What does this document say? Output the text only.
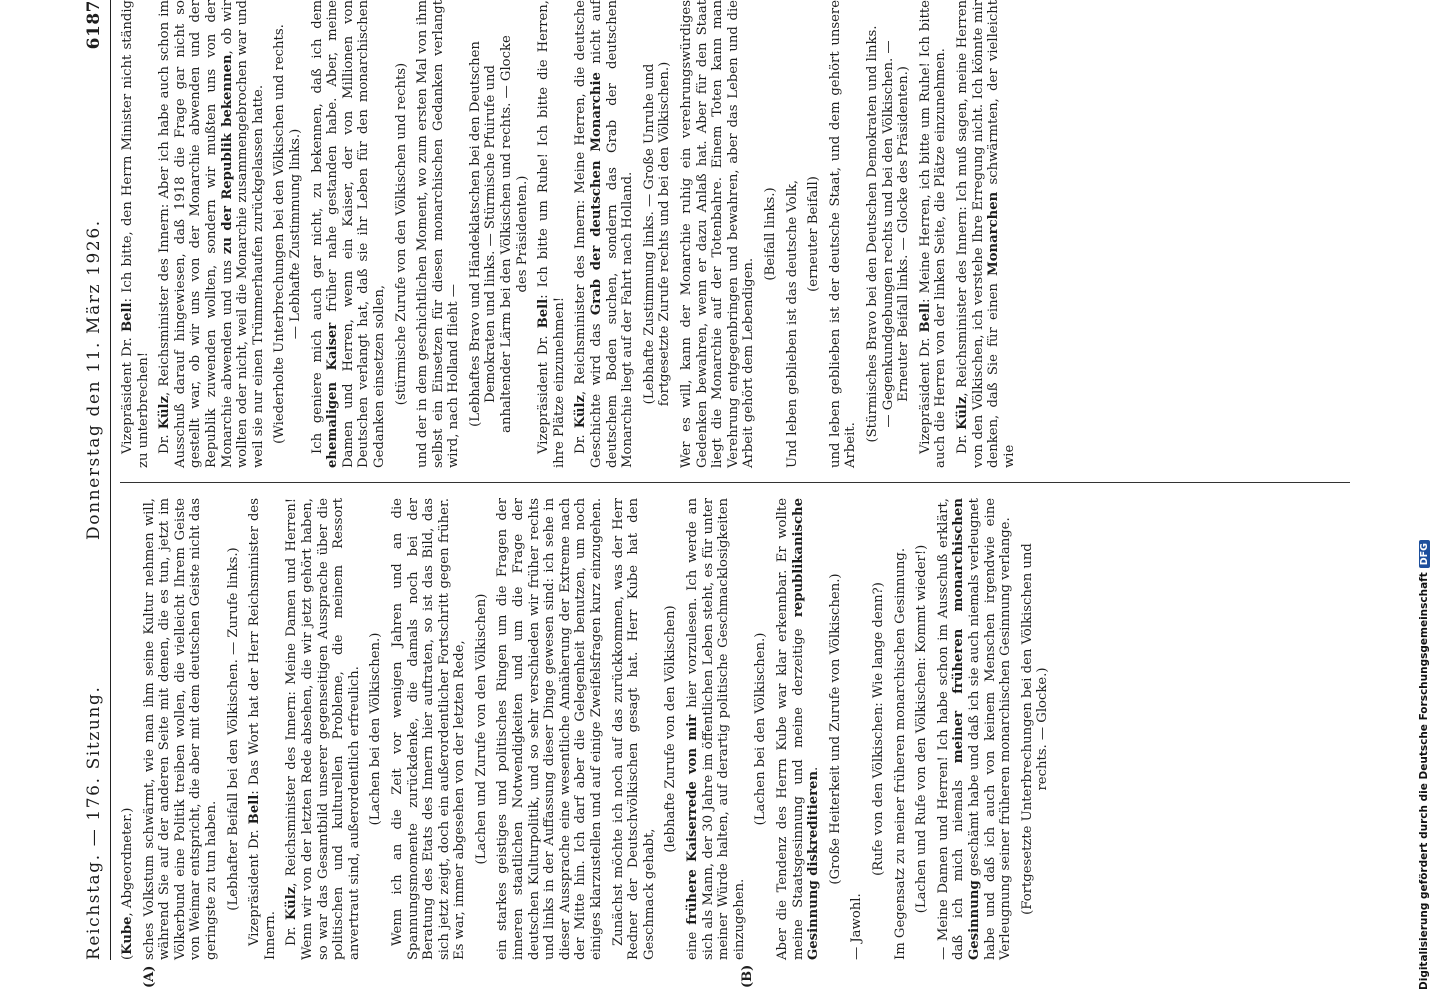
Reichstag. — 176. Sitzung.
Donnerstag den 11. März 1926.
6187

(Kube, Abgeordneter.) sches Volkstum schwärmt, wie man ihm seine Kultur nehmen will, während Sie auf der anderen Seite mit denen, die es tun, jetzt im Völkerbund eine Politik treiben wollen, die vielleicht Ihrem Geiste von Weimar entspricht, die aber mit dem deutschen Geiste nicht das geringste zu tun haben. (Lebhafter Beifall bei den Völkischen. — Zurufe links.) Vizepräsident Dr. Bell: Das Wort hat der Herr Reichsminister des Innern. Dr. Külz, Reichsminister des Innern: Meine Damen und Herren! Wenn wir von der letzten Rede absehen, die wir jetzt gehört haben, so war das Gesamtbild unserer gegenseitigen Aussprache über die politischen und kulturellen Probleme, die meinem Ressort anvertraut sind, außerordentlich erfreulich. (Lachen bei den Völkischen.) Wenn ich an die Zeit vor wenigen Jahren und an die Spannungsmomente zurückdenke, die damals noch bei der Beratung des Etats des Innern hier auftraten, so ist das Bild, das sich jetzt zeigt, doch ein außerordentlicher Fortschritt gegen früher. Es war, immer abgesehen von der letzten Rede, (Lachen und Zurufe von den Völkischen) ein starkes geistiges und politisches Ringen um die Fragen der inneren staatlichen Notwendigkeiten und um die Frage der deutschen Kulturpolitik, und so sehr verschieden wir früher rechts und links in der Auffassung dieser Dinge gewesen sind: ich sehe in dieser Aussprache eine wesentliche Annäherung der Extreme nach der Mitte hin. Ich darf aber die Gelegenheit benutzen, um noch einiges klarzustellen und auf einige Zweifelsfragen kurz einzugehen. Zunächst möchte ich noch auf das zurückkommen, was der Herr Redner der Deutschvölkischen gesagt hat. Herr Kube hat den Geschmack gehabt,

(lebhafte Zurufe von den Völkischen)

eine frühere Kaiserrede von mir hier vorzulesen. Ich werde an sich als Mann, der 30 Jahre im öffentlichen Leben steht, es für unter meiner Würde halten, auf derartig politische Geschmacklosigkeiten einzugehen.

(Lachen bei den Völkischen.) Aber die Tendenz des Herrn Kube war klar erkennbar. Er wollte meine Staatsgesinnung und meine derzeitige republikanische Gesinnung diskreditieren. (Große Heiterkeit und Zurufe von Völkischen.)

— Jawohl.

(Rufe von den Völkischen: Wie lange denn?) Im Gegensatz zu meiner früheren monarchischen Gesinnung. (Lachen und Rufe von den Völkischen: Kommt wieder!) — Meine Damen und Herren! Ich habe schon im Ausschuß erklärt, daß ich mich niemals meiner früheren monarchischen Gesinnung geschämt habe und daß ich sie auch niemals verleugnet habe und daß ich auch von keinem Menschen irgendwie eine Verleugnung seiner früheren monarchischen Gesinnung verlange. (Fortgesetzte Unterbrechungen bei den Völkischen und rechts. — Glocke.)

Vizepräsident Dr. Bell: Ich bitte, den Herrn Minister nicht ständig zu unterbrechen! Dr. Külz, Reichsminister des Innern: Aber ich habe auch schon im Ausschuß darauf hingewiesen, daß 1918 die Frage gar nicht so gestellt war, ob wir uns von der Monarchie abwenden und der Republik zuwenden wollten, sondern wir mußten uns von der Monarchie abwenden und uns zu der Republik bekennen, ob wir wollten oder nicht, weil die Monarchie zusammengebrochen war und weil sie nur einen Trümmerhaufen zurückgelassen hatte. (Wiederholte Unterbrechungen bei den Völkischen und rechts. — Lebhafte Zustimmung links.) Ich geniere mich auch gar nicht, zu bekennen, daß ich dem ehemaligen Kaiser früher nahe gestanden habe. Aber, meine Damen und Herren, wenn ein Kaiser, der von Millionen von Deutschen verlangt hat, daß sie ihr Leben für den monarchischen Gedanken einsetzen sollen, (stürmische Zurufe von den Völkischen und rechts) und der in dem geschichtlichen Moment, wo zum ersten Mal von ihm selbst ein Einsetzen für diesen monarchischen Gedanken verlangt wird, nach Holland flieht — (Lebhaftes Bravo und Händeklatschen bei den Deutschen Demokraten und links. — Stürmische Pfuirufe und anhaltender Lärm bei den Völkischen und rechts. — Glocke des Präsidenten.)

Vizepräsident Dr. Bell: Ich bitte um Ruhe! Ich bitte die Herren, ihre Plätze einzunehmen! Dr. Külz, Reichsminister des Innern: Meine Herren, die deutsche Geschichte wird das Grab der deutschen Monarchie nicht auf deutschem Boden suchen, sondern das Grab der deutschen Monarchie liegt auf der Fahrt nach Holland. (Lebhafte Zustimmung links. — Große Unruhe und fortgesetzte Zurufe rechts und bei den Völkischen.) Wer es will, kann der Monarchie ruhig ein verehrungswürdiges Gedenken bewahren, wenn er dazu Anlaß hat. Aber für den Staat liegt die Monarchie auf der Totenbahre. Einem Toten kann man Verehrung entgegenbringen und bewahren, aber das Leben und die Arbeit gehört dem Lebendigen.

(Beifall links.) Und leben geblieben ist das deutsche Volk, (erneuter Beifall) und leben geblieben ist der deutsche Staat, und dem gehört unsere Arbeit.

(Stürmisches Bravo bei den Deutschen Demokraten und links. — Gegenkundgebungen rechts und bei den Völkischen. — Erneuter Beifall links. — Glocke des Präsidenten.) Vizepräsident Dr. Bell: Meine Herren, ich bitte um Ruhe! Ich bitte auch die Herren von der linken Seite, die Plätze einzunehmen. Dr. Külz, Reichsminister des Innern: Ich muß sagen, meine Herren von den Völkischen, ich verstehe Ihre Erregung nicht. Ich könnte mir denken, daß Sie für einen Monarchen schwärmten, der vielleicht wie

(A)	(B)	Digitalisierung gefördert durch die Deutsche ForschungsgemeinschaftDFG
